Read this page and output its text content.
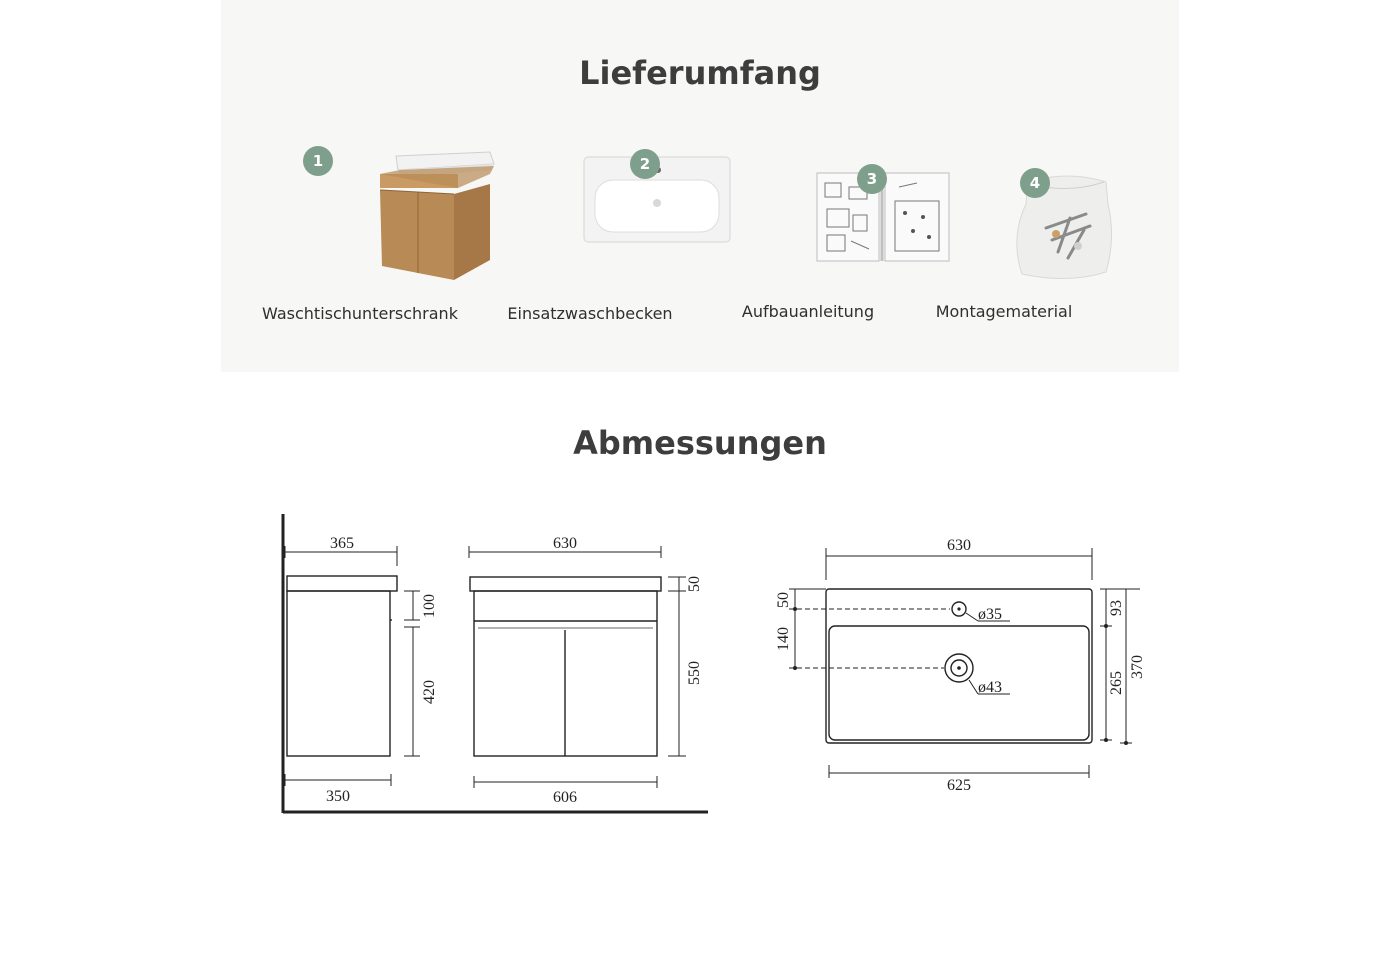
Lieferumfang
1
Waschtischunterschrank
2
Einsatzwaschbecken
3
Aufbauanleitung
4
Montagematerial
Abmessungen
365
350
100
420
630
606
50
550
630
625
50
140
ø35
ø43
93
265
370
